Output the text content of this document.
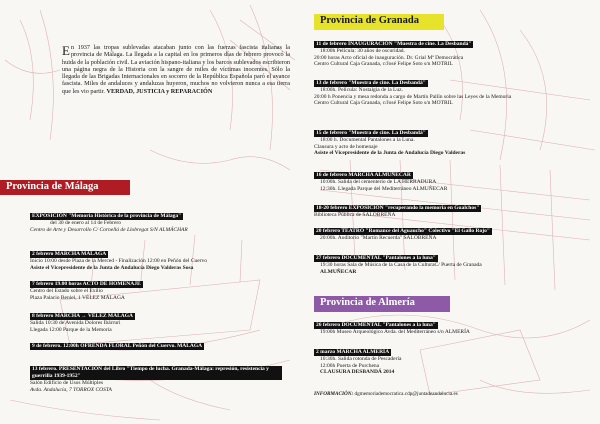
En 1937 las tropas sublevadas atacaban junto con las fuerzas fascista italianas la provincia de Málaga. La llegada a la capital en los primeros días de febrero provocó la huida de la población civil. La aviación hispano-italiana y los barcos sublevados escribieron una página negra de la Historia con la sangre de miles de víctimas inocentes. Sólo la llegada de las Brigadas Internacionales en socorro de la República Española paró el avance fascista. Miles de andaluces y andaluzas huyeron, muchos no volvieron nunca a esa tierra que les vio partir. VERDAD, JUSTICIA y REPARACIÓN
Provincia de Málaga
EXPOSICIÓN "Memoria Histórica de la provincia de Málaga"
del 30 de enero al 14 de Febrero
Centro de Arte y Desarrollo C/ Cornellá de Llobregat S/N ALMÁCHAR
2 febrero MARCHA MÁLAGA
Inicio 10:00 desde Plaza de la Merced - Finalización 12:00 en Peñón del Cuervo
Asiste el Vicepresidente de la Junta de Andalucía Diego Valderas Sosa
7 febrero 19.00 horas ACTO DE HOMENAJE
Centro del Estado sobre el Exilio
Plaza Palacio Beniel, 1 VÉLEZ MÁLAGA
8 febrero MARCHA → VÉLEZ MÁLAGA
Salida 10:30 de Avenida Dolores Ibárruri
Llegada 12:00 Parque de la Memoria
9 de febrero. 12:00h OFRENDA FLORAL Peñón del Cuervo. MÁLAGA
13 febrero. PRESENTACIÓN del Libro "Tiempo de lucha. Granada-Málaga: represión, resistencia y guerrilla 1939-1952"
Salón Edificio de Usos Múltiples
Avda. Andalucía, 7 TORROX COSTA
Provincia de Granada
11 de febrero INAUGURACIÓN "Muestra de cine. La Desbandá"
18:00h Película: 30 años de oscuridad.
20:00 horas Acto oficial de inauguración. Dr. Grial Mª Democrática
Centro Cultural Caja Granada, c/José Felipe Soto s/n MOTRIL
13 de febrero "Muestra de cine. La Desbandá"
18:00h. Película: Nostalgia de la Luz.
20:00 h Ponencia y mesa redonda a cargo de Martín Pallín sobre las Leyes de la Memoria
Centro Cultural Caja Granada, c/José Felipe Soto s/n MOTRIL
15 de febrero "Muestra de cine. La Desbandá"
18:00 h. Documental Pantalones a la Luna.
Clausura y acto de homenaje
Asiste el Vicepresidente de la Junta de Andalucía Diego Valderas
16 de febrero MARCHA ALMUÑECAR
10:00h. Salida del cementerio de LA HERRADURA
12:30h. Llegada Parque del Mediterráneo ALMUÑECAR
18-20 febrero EXPOSICIÓN "recuperando la memoria en Gualchos"
Biblioteca Pública de SALOBREÑA
20 febrero TEATRO "Romance del Aguaucho" Colectivo "El Gallo Rojo"
20:00h. Auditorio "Martín Recuerda" SALOBREÑA
27 febrero DOCUMENTAL "Pantalones a la luna"
19:30 horas Sala de Música de la Casa de la CulturaC/ Puerta de Granada
ALMUÑECAR
Provincia de Almería
26 febrero DOCUMENTAL "Pantalones a la luna"
19:00h Museo Arqueológico Avda. del Mediterráneo s/n ALMERÍA
2 marzo MARCHA ALMERÍA
10:30h. Salida rotonda de Pescadería
12:00h Puerta de Purchena
CLAUSURA DESBANDÁ 2014
INFORMACIÓN: dgmemoriademocratica.cdp@juntadeandalucia.es
